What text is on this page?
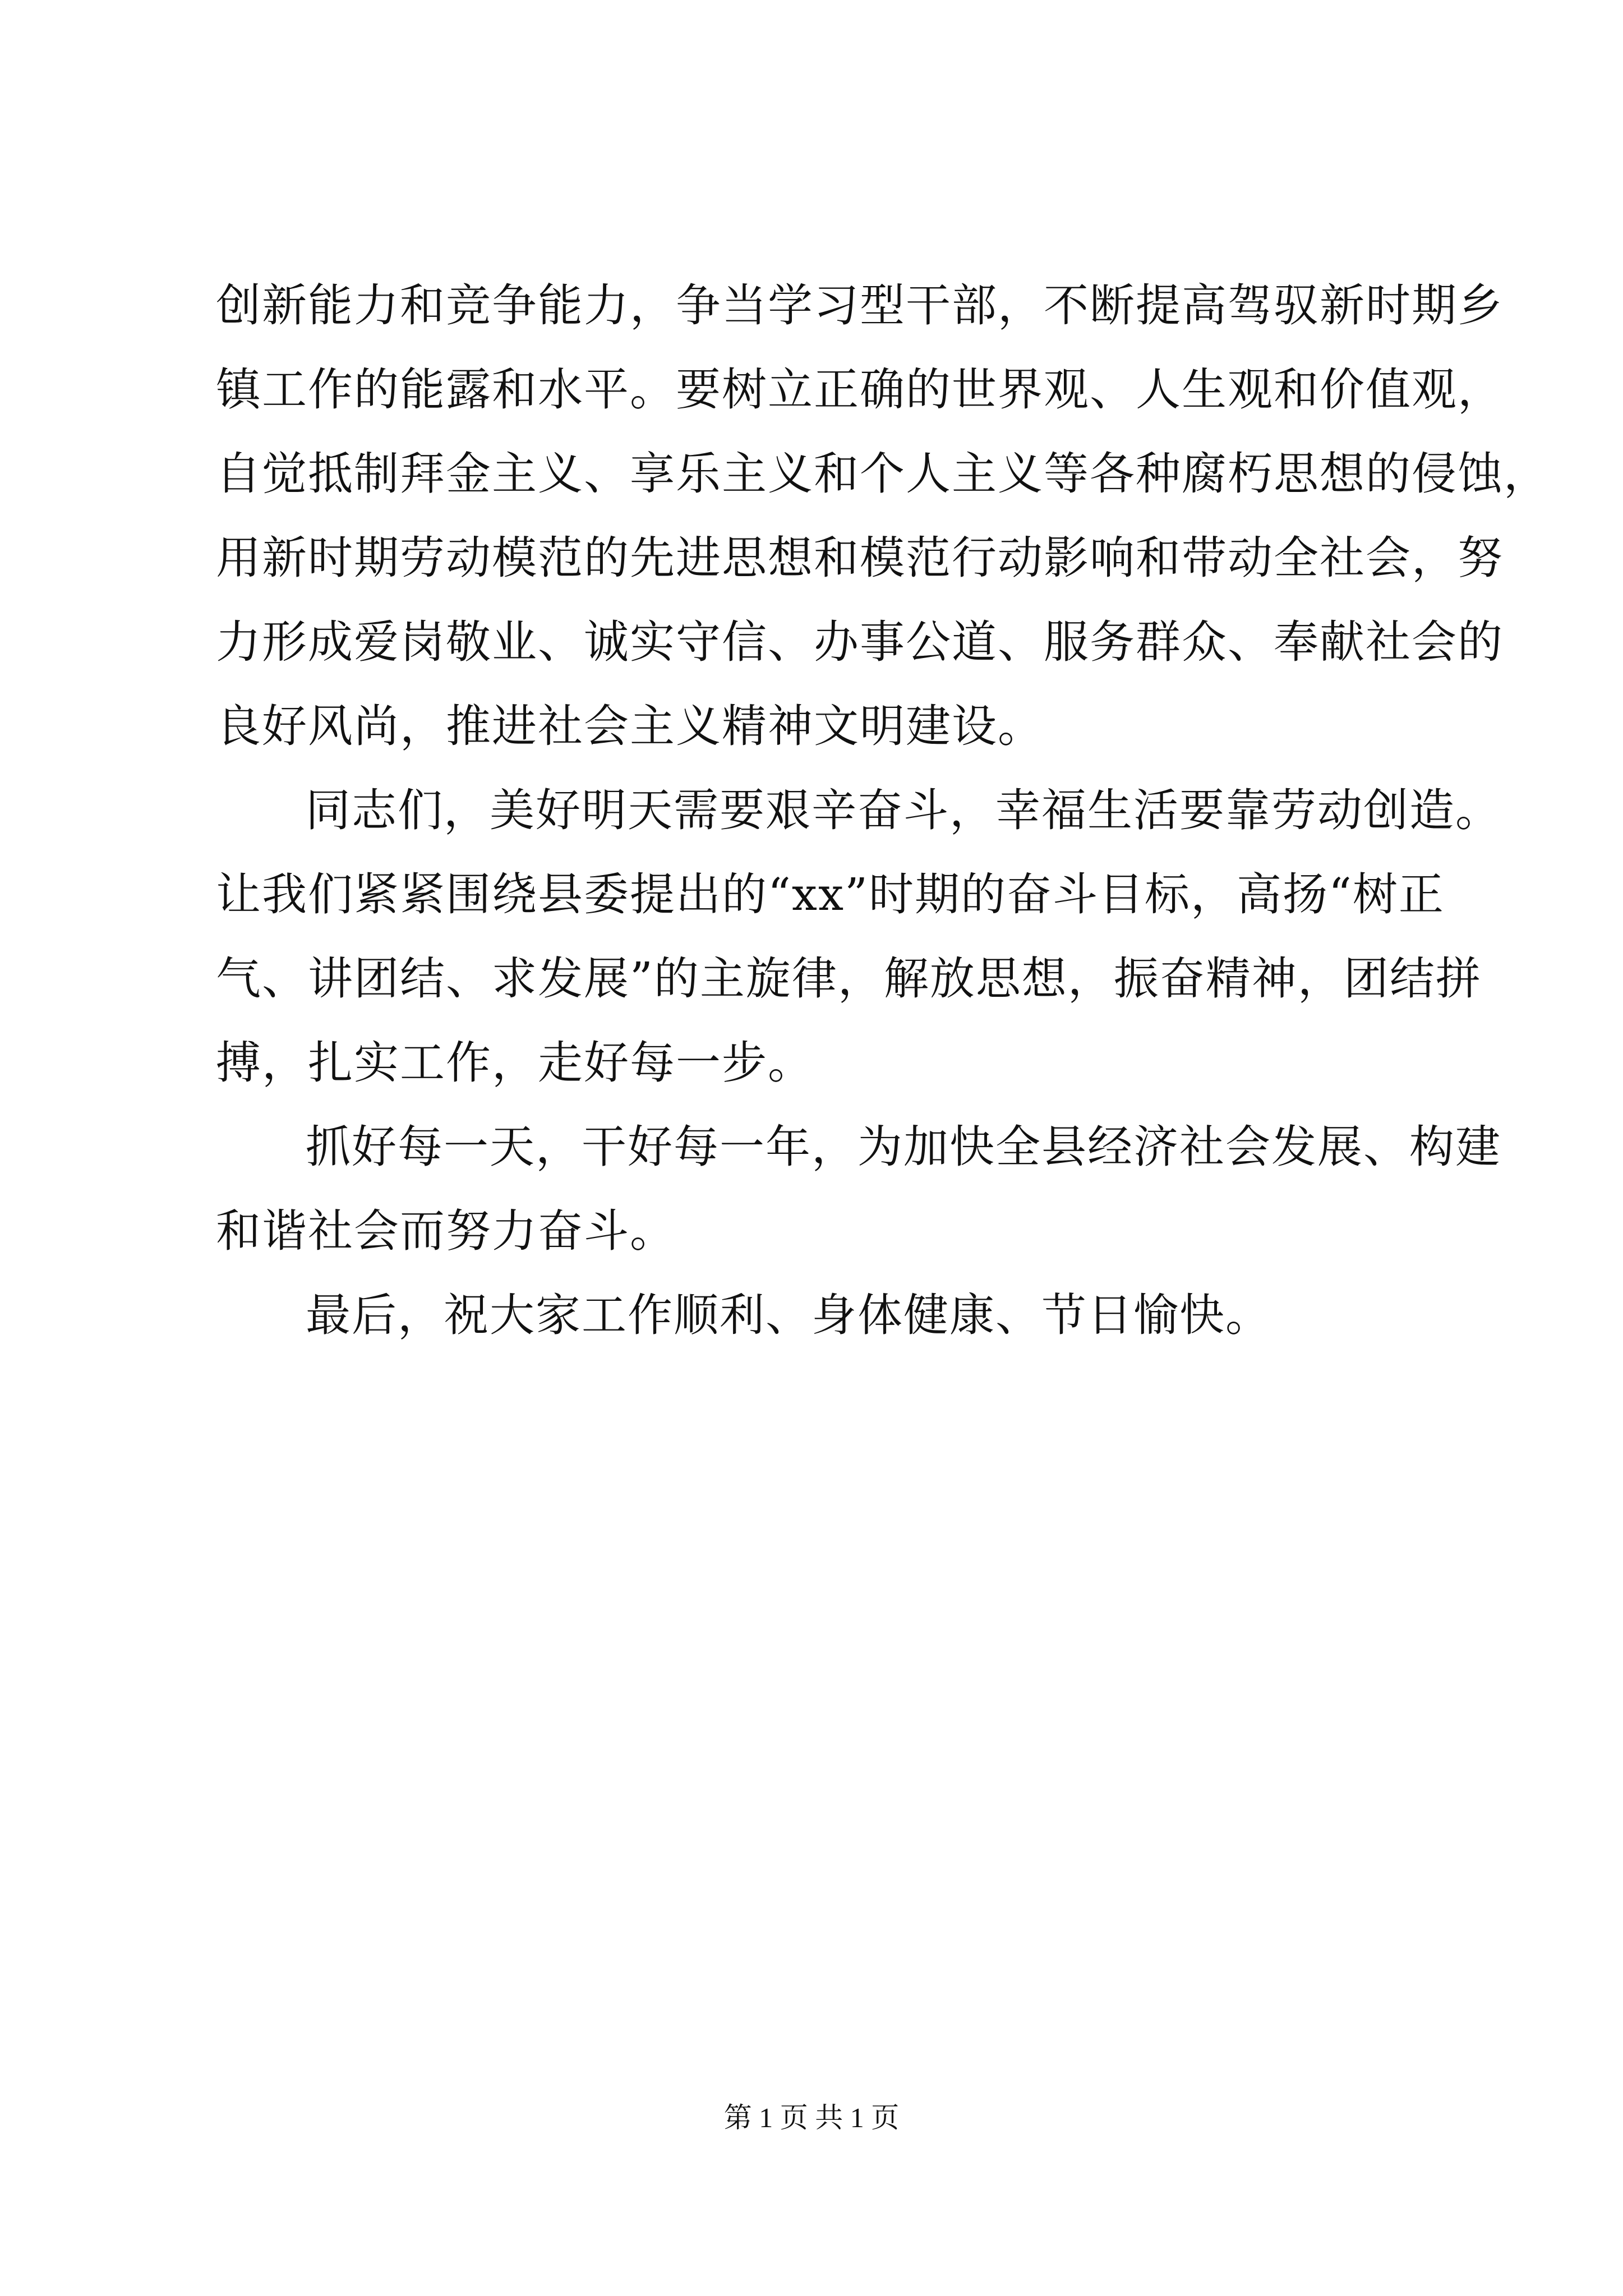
创新能力和竞争能力，争当学习型干部，不断提高驾驭新时期乡
镇工作的能露和水平。要树立正确的世界观、人生观和价值观，
自觉抵制拜金主义、享乐主义和个人主义等各种腐朽思想的侵蚀，
用新时期劳动模范的先进思想和模范行动影响和带动全社会，努
力形成爱岗敬业、诚实守信、办事公道、服务群众、奉献社会的
良好风尚，推进社会主义精神文明建设。
同志们，美好明天需要艰辛奋斗，幸福生活要靠劳动创造。
让我们紧紧围绕县委提出的“xx”时期的奋斗目标，高扬“树正
气、讲团结、求发展”的主旋律，解放思想，振奋精神，团结拼
搏，扎实工作，走好每一步。
抓好每一天，干好每一年，为加快全县经济社会发展、构建
和谐社会而努力奋斗。
最后，祝大家工作顺利、身体健康、节日愉快。
第 1 页 共 1 页
